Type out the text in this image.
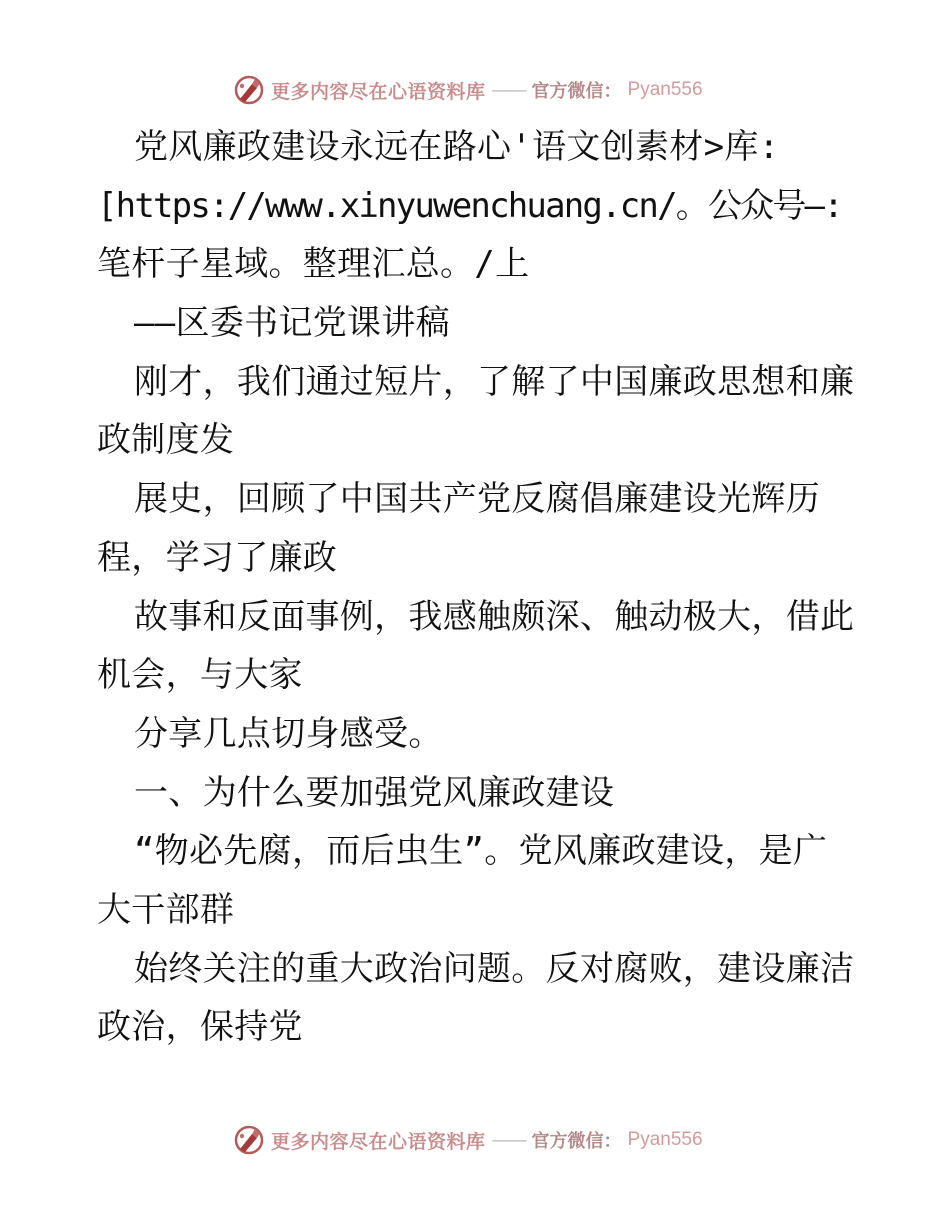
更多内容尽在心语资料库 —— 官方微信： Pyan556
党风廉政建设永远在路心'语文创素材>库:
[https://www.xinyuwenchuang.cn/。公众号—:
笔杆子星域。整理汇总。/上
——区委书记党课讲稿
刚才，我们通过短片，了解了中国廉政思想和廉
政制度发
展史，回顾了中国共产党反腐倡廉建设光辉历
程，学习了廉政
故事和反面事例，我感触颇深、触动极大，借此
机会，与大家
分享几点切身感受。
一、为什么要加强党风廉政建设
“物必先腐，而后虫生”。党风廉政建设，是广
大干部群
始终关注的重大政治问题。反对腐败，建设廉洁
政治，保持党
更多内容尽在心语资料库 —— 官方微信： Pyan556
